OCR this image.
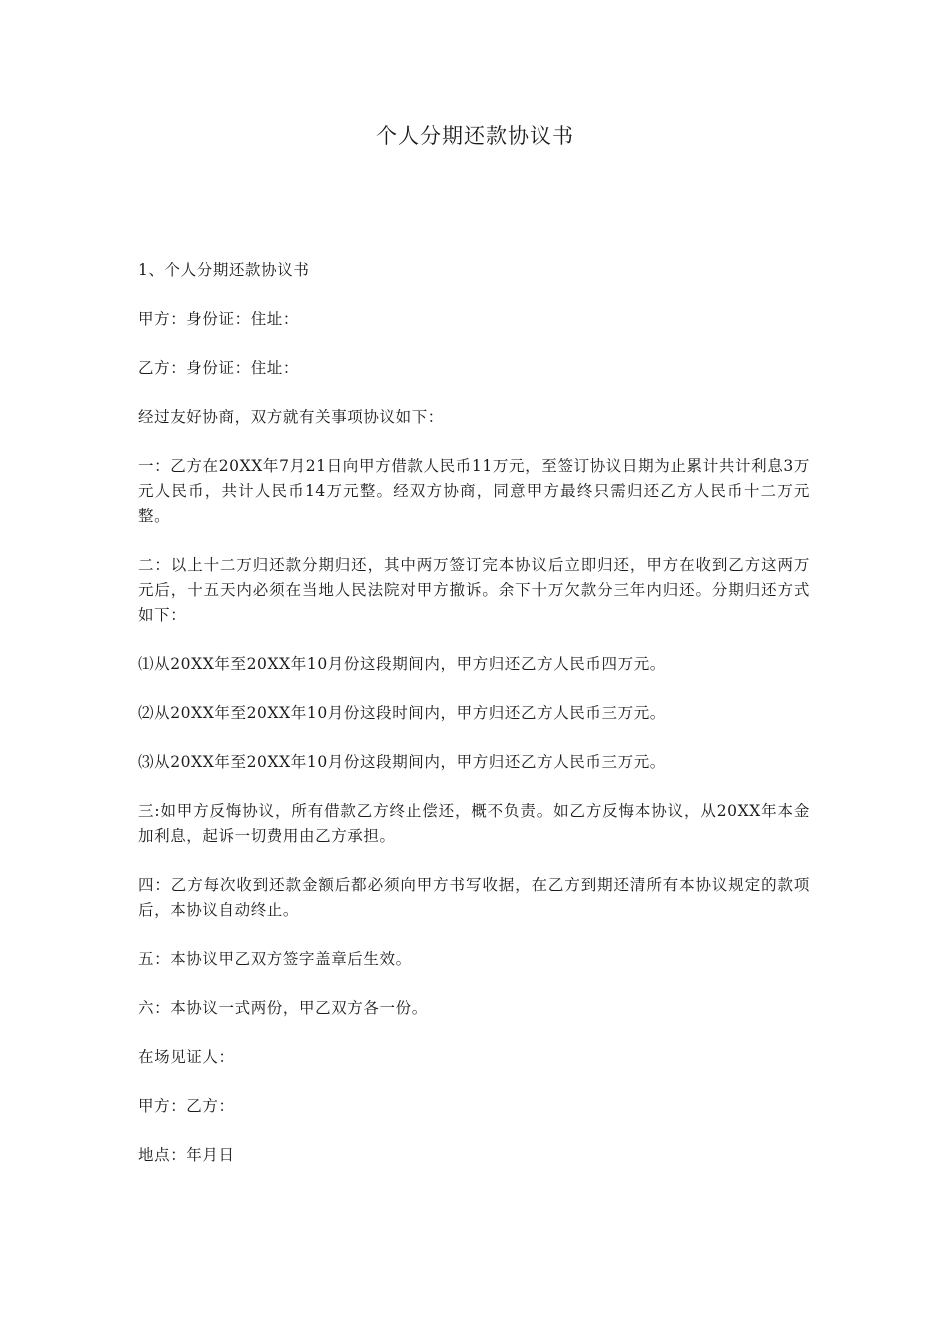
个人分期还款协议书

1、个人分期还款协议书

甲方：身份证：住址：

乙方：身份证：住址：

经过友好协商，双方就有关事项协议如下：

一：乙方在20XX年7月21日向甲方借款人民币11万元，至签订协议日期为止累计共计利息3万元人民币，共计人民币14万元整。经双方协商，同意甲方最终只需归还乙方人民币十二万元整。

二：以上十二万归还款分期归还，其中两万签订完本协议后立即归还，甲方在收到乙方这两万元后，十五天内必须在当地人民法院对甲方撤诉。余下十万欠款分三年内归还。分期归还方式如下：

⑴从20XX年至20XX年10月份这段期间内，甲方归还乙方人民币四万元。

⑵从20XX年至20XX年10月份这段时间内，甲方归还乙方人民币三万元。

⑶从20XX年至20XX年10月份这段期间内，甲方归还乙方人民币三万元。

三:如甲方反悔协议，所有借款乙方终止偿还，概不负责。如乙方反悔本协议，从20XX年本金加利息，起诉一切费用由乙方承担。

四：乙方每次收到还款金额后都必须向甲方书写收据，在乙方到期还清所有本协议规定的款项后，本协议自动终止。

五：本协议甲乙双方签字盖章后生效。

六：本协议一式两份，甲乙双方各一份。

在场见证人：

甲方：乙方：

地点：年月日
